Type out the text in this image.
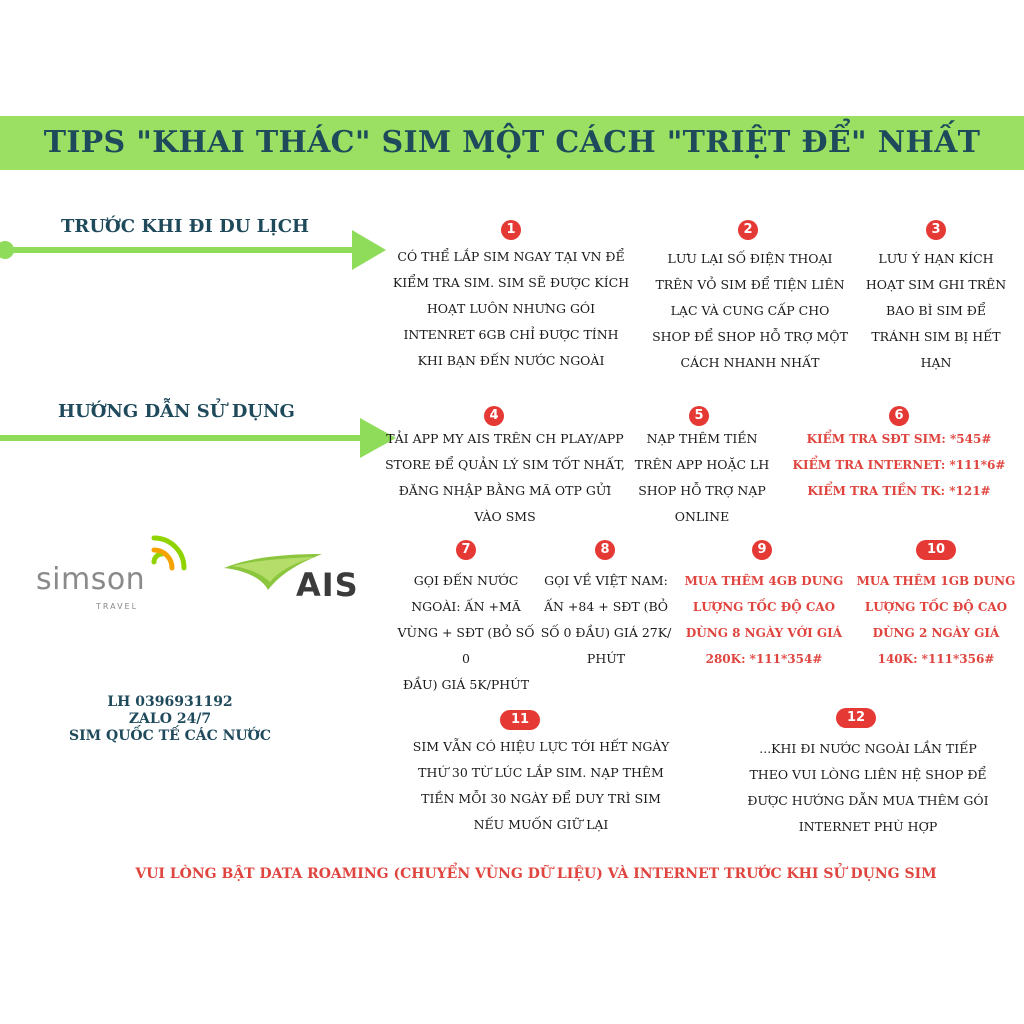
TIPS "KHAI THÁC" SIM MỘT CÁCH "TRIỆT ĐỂ" NHẤT
TRƯỚC KHI ĐI DU LỊCH
HƯỚNG DẪN SỬ DỤNG
1	2	3
4	5	6
7	8	9	10
11	12
CÓ THỂ LẮP SIM NGAY TẠI VN ĐỂ
KIỂM TRA SIM. SIM SẼ ĐƯỢC KÍCH
HOẠT LUÔN NHƯNG GÓI
INTENRET 6GB CHỈ ĐƯỢC TÍNH
KHI BẠN ĐẾN NƯỚC NGOÀI
LƯU LẠI SỐ ĐIỆN THOẠI
TRÊN VỎ SIM ĐỂ TIỆN LIÊN
LẠC VÀ CUNG CẤP CHO
SHOP ĐỂ SHOP HỖ TRỢ MỘT
CÁCH NHANH NHẤT
LƯU Ý HẠN KÍCH
HOẠT SIM GHI TRÊN
BAO BÌ SIM ĐỂ
TRÁNH SIM BỊ HẾT
HẠN
TẢI APP MY AIS TRÊN CH PLAY/APP
STORE ĐỂ QUẢN LÝ SIM TỐT NHẤT,
ĐĂNG NHẬP BẰNG MÃ OTP GỬI
VÀO SMS
NẠP THÊM TIỀN
TRÊN APP HOẶC LH
SHOP HỖ TRỢ NẠP
ONLINE
KIỂM TRA SĐT SIM: *545#
KIỂM TRA INTERNET: *111*6#
KIỂM TRA TIỀN TK: *121#
GỌI ĐẾN NƯỚC
NGOÀI: ẤN +MÃ
VÙNG + SĐT (BỎ SỐ 0
ĐẦU) GIÁ 5K/PHÚT
GỌI VỀ VIỆT NAM:
ẤN +84 + SĐT (BỎ
SỐ 0 ĐẦU) GIÁ 27K/
PHÚT
MUA THÊM 4GB DUNG
LƯỢNG TỐC ĐỘ CAO
DÙNG 8 NGÀY VỚI GIÁ
280K: *111*354#
MUA THÊM 1GB DUNG
LƯỢNG TỐC ĐỘ CAO
DÙNG 2 NGÀY GIÁ
140K: *111*356#
SIM VẪN CÓ HIỆU LỰC TỚI HẾT NGÀY
THỨ 30 TỪ LÚC LẮP SIM. NẠP THÊM
TIỀN MỖI 30 NGÀY ĐỂ DUY TRÌ SIM
NẾU MUỐN GIỮ LẠI
...KHI ĐI NƯỚC NGOÀI LẦN TIẾP
THEO VUI LÒNG LIÊN HỆ SHOP ĐỂ
ĐƯỢC HƯỚNG DẪN MUA THÊM GÓI
INTERNET PHÙ HỢP
simson
TRAVEL
AIS
LH 0396931192
ZALO 24/7
SIM QUỐC TẾ CÁC NƯỚC
VUI LÒNG BẬT DATA ROAMING (CHUYỂN VÙNG DỮ LIỆU) VÀ INTERNET TRƯỚC KHI SỬ DỤNG SIM
